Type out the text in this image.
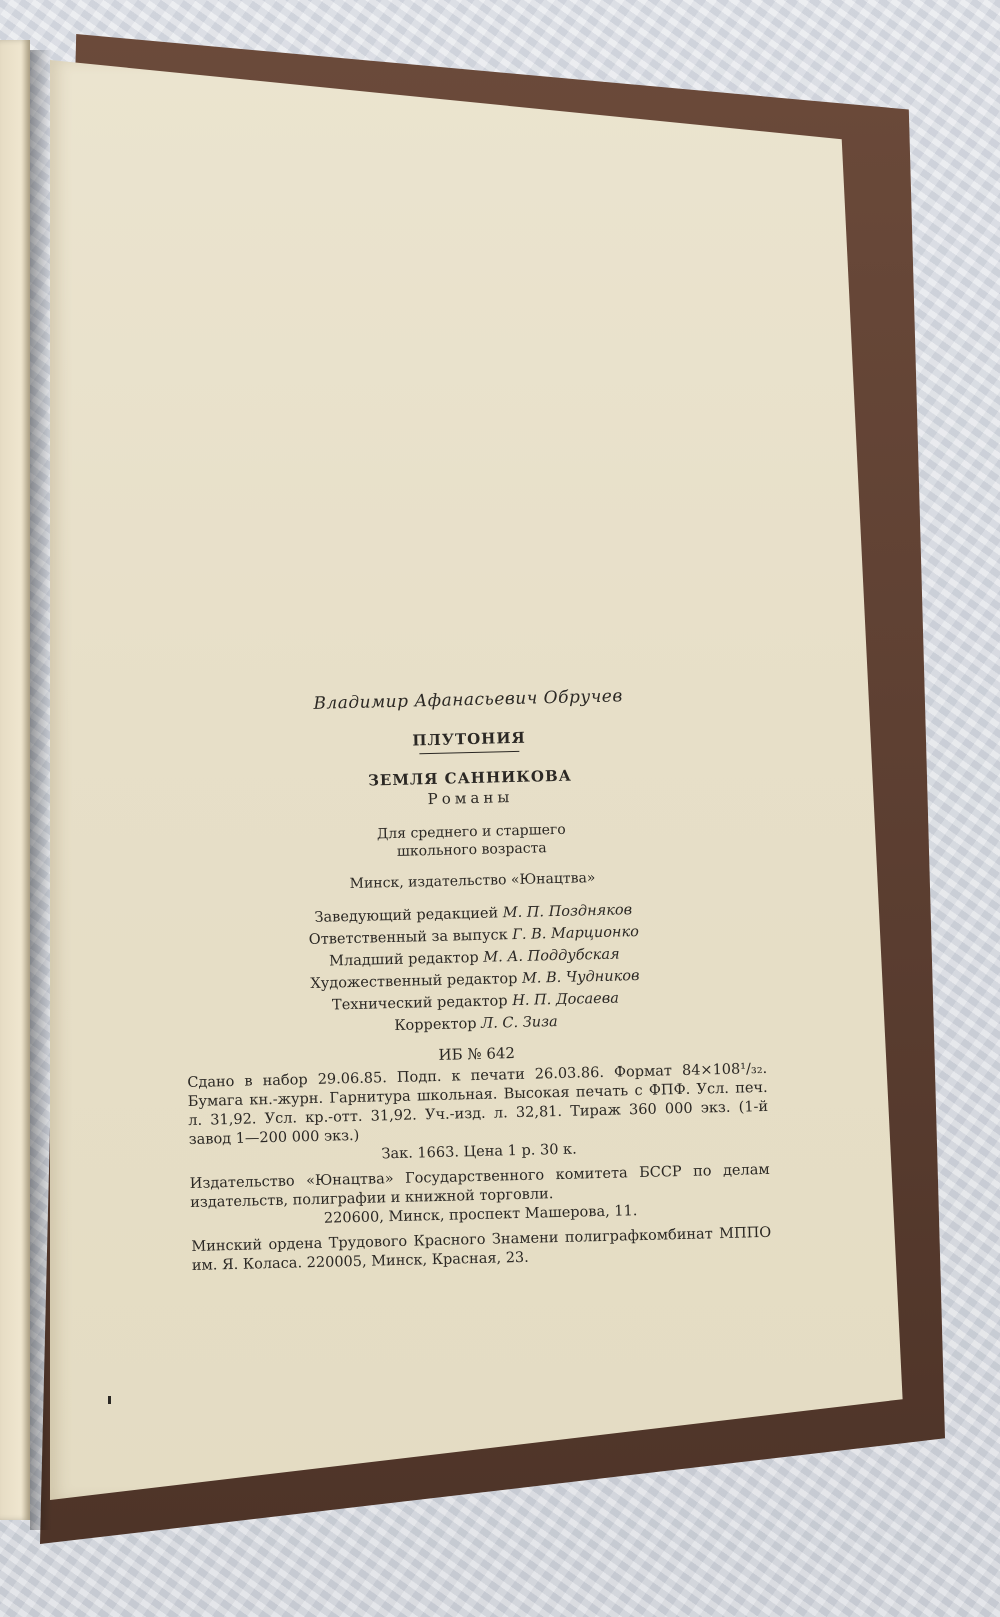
Владимир Афанасьевич Обручев
ПЛУТОНИЯ
ЗЕМЛЯ САННИКОВА
Романы
Для среднего и старшего
школьного возраста
Минск, издательство «Юнацтва»
Заведующий редакцией М. П. Поздняков
Ответственный за выпуск Г. В. Марционко
Младший редактор М. А. Поддубская
Художественный редактор М. В. Чудников
Технический редактор Н. П. Досаева
Корректор Л. С. Зиза
ИБ № 642
Сдано в набор 29.06.85. Подп. к печати 26.03.86. Формат 84×108¹/₃₂. Бумага кн.-журн. Гарнитура школьная. Высокая печать с ФПФ. Усл. печ. л. 31,92. Усл. кр.-отт. 31,92. Уч.-изд. л. 32,81. Тираж 360 000 экз. (1-й завод 1—200 000 экз.)
Зак. 1663. Цена 1 р. 30 к.
Издательство «Юнацтва» Государственного комитета БССР по делам издательств, полиграфии и книжной торговли.
220600, Минск, проспект Машерова, 11.
Минский ордена Трудового Красного Знамени полиграфкомбинат МППО им. Я. Коласа. 220005, Минск, Красная, 23.
